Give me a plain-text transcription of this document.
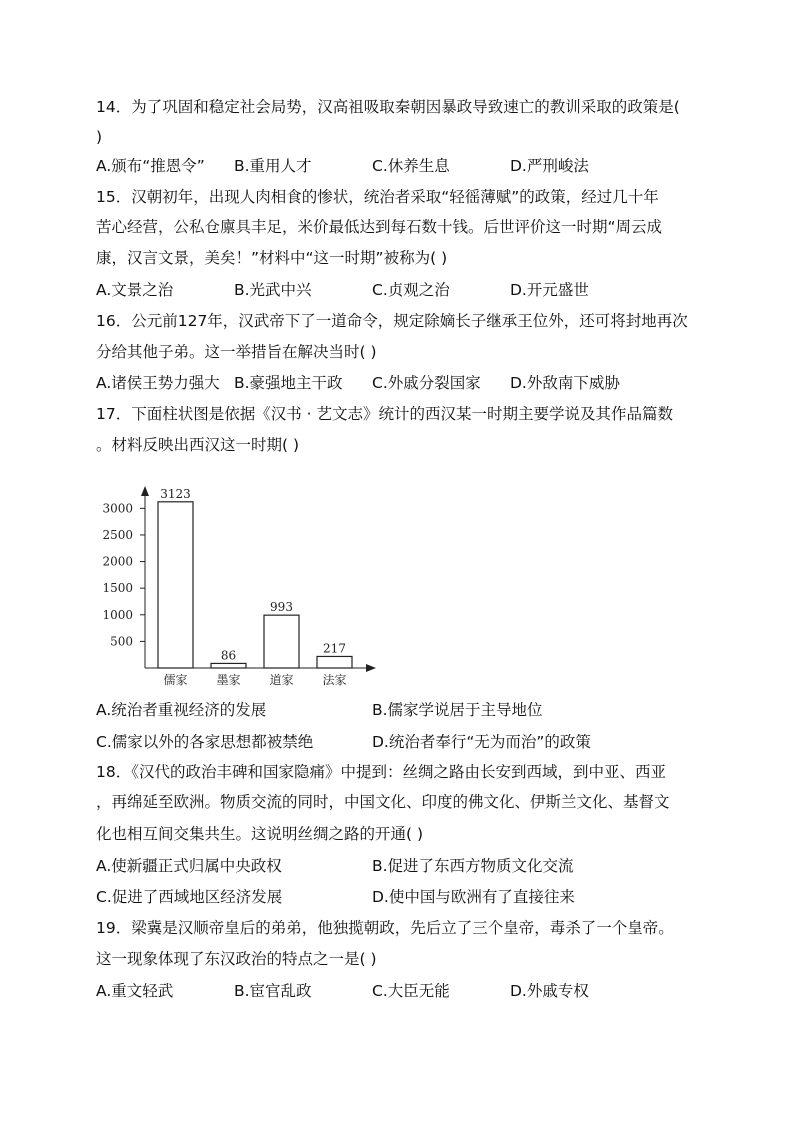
14．为了巩固和稳定社会局势，汉高祖吸取秦朝因暴政导致速亡的教训采取的政策是(
)
A.颁布“推恩令” B.重用人才	C.休养生息	D.严刑峻法
15．汉朝初年，出现人肉相食的惨状，统治者采取“轻徭薄赋”的政策，经过几十年
苦心经营，公私仓廪具丰足，米价最低达到每石数十钱。后世评价这一时期“周云成
康，汉言文景，美矣！”材料中“这一时期”被称为( )
A.文景之治	B.光武中兴	C.贞观之治	D.开元盛世
16．公元前127年，汉武帝下了一道命令，规定除嫡长子继承王位外，还可将封地再次
分给其他子弟。这一举措旨在解决当时( )
A.诸侯王势力强大 B.豪强地主干政 C.外戚分裂国家 D.外敌南下威胁
17．下面柱状图是依据《汉书 · 艺文志》统计的西汉某一时期主要学说及其作品篇数
。材料反映出西汉这一时期( )
500
1000
1500
2000
2500
3000
3123
儒家
86
墨家
993
道家
217
法家
A.统治者重视经济的发展	B.儒家学说居于主导地位
C.儒家以外的各家思想都被禁绝	D.统治者奉行“无为而治”的政策
18．《汉代的政治丰碑和国家隐痛》中提到：丝绸之路由长安到西域，到中亚、西亚
，再绵延至欧洲。物质交流的同时，中国文化、印度的佛文化、伊斯兰文化、基督文
化也相互间交集共生。这说明丝绸之路的开通( )
A.使新疆正式归属中央政权	B.促进了东西方物质文化交流
C.促进了西域地区经济发展	D.使中国与欧洲有了直接往来
19．梁冀是汉顺帝皇后的弟弟，他独揽朝政，先后立了三个皇帝，毒杀了一个皇帝。
这一现象体现了东汉政治的特点之一是( )
A.重文轻武	B.宦官乱政	C.大臣无能	D.外戚专权
